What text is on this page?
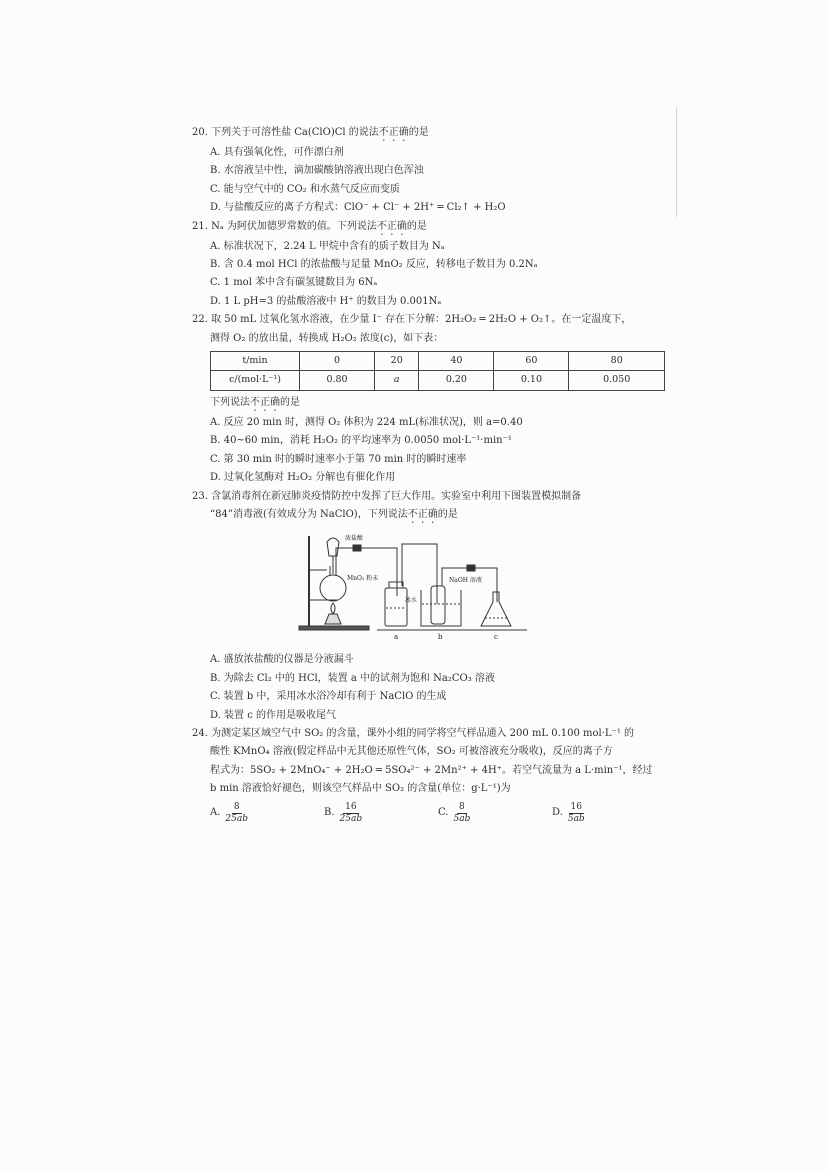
20. 下列关于可溶性盐 Ca(ClO)Cl 的说法不正确的是

A. 具有强氧化性，可作漂白剂

B. 水溶液呈中性，滴加碳酸钠溶液出现白色浑浊

C. 能与空气中的 CO₂ 和水蒸气反应而变质

D. 与盐酸反应的离子方程式：ClO⁻ + Cl⁻ + 2H⁺ ═ Cl₂↑ + H₂O

21. Nₐ 为阿伏加德罗常数的值。下列说法不正确的是

A. 标准状况下，2.24 L 甲烷中含有的质子数目为 Nₐ

B. 含 0.4 mol HCl 的浓盐酸与足量 MnO₂ 反应，转移电子数目为 0.2Nₐ

C. 1 mol 苯中含有碳氢键数目为 6Nₐ

D. 1 L pH=3 的盐酸溶液中 H⁺ 的数目为 0.001Nₐ

22. 取 50 mL 过氧化氢水溶液，在少量 I⁻ 存在下分解：2H₂O₂ ═ 2H₂O + O₂↑。在一定温度下，

测得 O₂ 的放出量，转换成 H₂O₂ 浓度(c)，如下表：

t/min	0	20	40	60	80
c/(mol·L⁻¹)	0.80	a	0.20	0.10	0.050

下列说法不正确的是

A. 反应 20 min 时，测得 O₂ 体积为 224 mL(标准状况)，则 a=0.40

B. 40~60 min，消耗 H₂O₂ 的平均速率为 0.0050 mol·L⁻¹·min⁻¹

C. 第 30 min 时的瞬时速率小于第 70 min 时的瞬时速率

D. 过氧化氢酶对 H₂O₂ 分解也有催化作用

23. 含氯消毒剂在新冠肺炎疫情防控中发挥了巨大作用。实验室中利用下图装置模拟制备

“84”消毒液(有效成分为 NaClO)，下列说法不正确的是

浓盐酸
MnO₂ 粉末
冰水
NaOH 溶液
a	b	c

A. 盛放浓盐酸的仪器是分液漏斗

B. 为除去 Cl₂ 中的 HCl，装置 a 中的试剂为饱和 Na₂CO₃ 溶液

C. 装置 b 中，采用冰水浴冷却有利于 NaClO 的生成

D. 装置 c 的作用是吸收尾气

24. 为测定某区域空气中 SO₂ 的含量，课外小组的同学将空气样品通入 200 mL 0.100 mol·L⁻¹ 的

酸性 KMnO₄ 溶液(假定样品中无其他还原性气体，SO₂ 可被溶液充分吸收)，反应的离子方

程式为：5SO₂ + 2MnO₄⁻ + 2H₂O ═ 5SO₄²⁻ + 2Mn²⁺ + 4H⁺。若空气流量为 a L·min⁻¹，经过

b min 溶液恰好褪色，则该空气样品中 SO₂ 的含量(单位：g·L⁻¹)为

A. $\frac{8}{25ab}$	B. $\frac{16}{25ab}$	C. $\frac{8}{5ab}$	D. $\frac{16}{5ab}$
